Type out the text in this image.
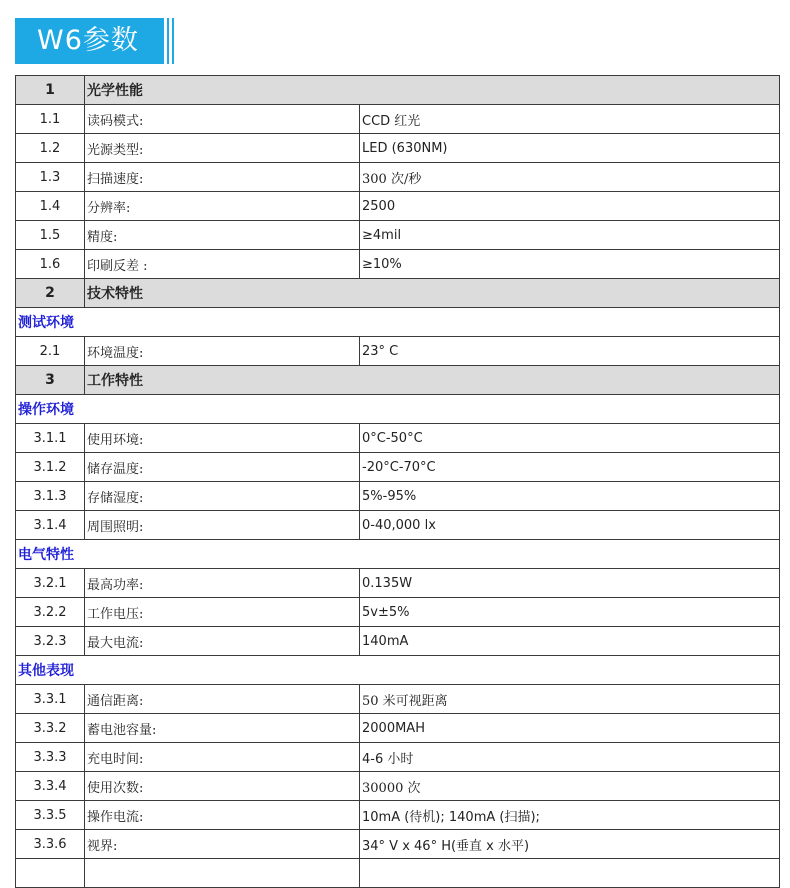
W6参数
1	光学性能	
1.1	读码模式:	CCD 红光
1.2	光源类型:	LED (630NM)
1.3	扫描速度:	300 次/秒
1.4	分辨率:	2500
1.5	精度:	≥4mil
1.6	印刷反差 :	≥10%
2	技术特性	
测试环境		
2.1	环境温度:	23° C
3	工作特性	
操作环境		
3.1.1	使用环境:	0°C-50°C
3.1.2	储存温度:	-20°C-70°C
3.1.3	存储湿度:	5%-95%
3.1.4	周围照明:	0-40,000 lx
电气特性		
3.2.1	最高功率:	0.135W
3.2.2	工作电压:	5v±5%
3.2.3	最大电流:	140mA
其他表现		
3.3.1	通信距离:	50 米可视距离
3.3.2	蓄电池容量:	2000MAH
3.3.3	充电时间:	4-6 小时
3.3.4	使用次数:	30000 次
3.3.5	操作电流:	10mA (待机); 140mA (扫描);
3.3.6	视界:	34° V x 46° H(垂直 x 水平)
